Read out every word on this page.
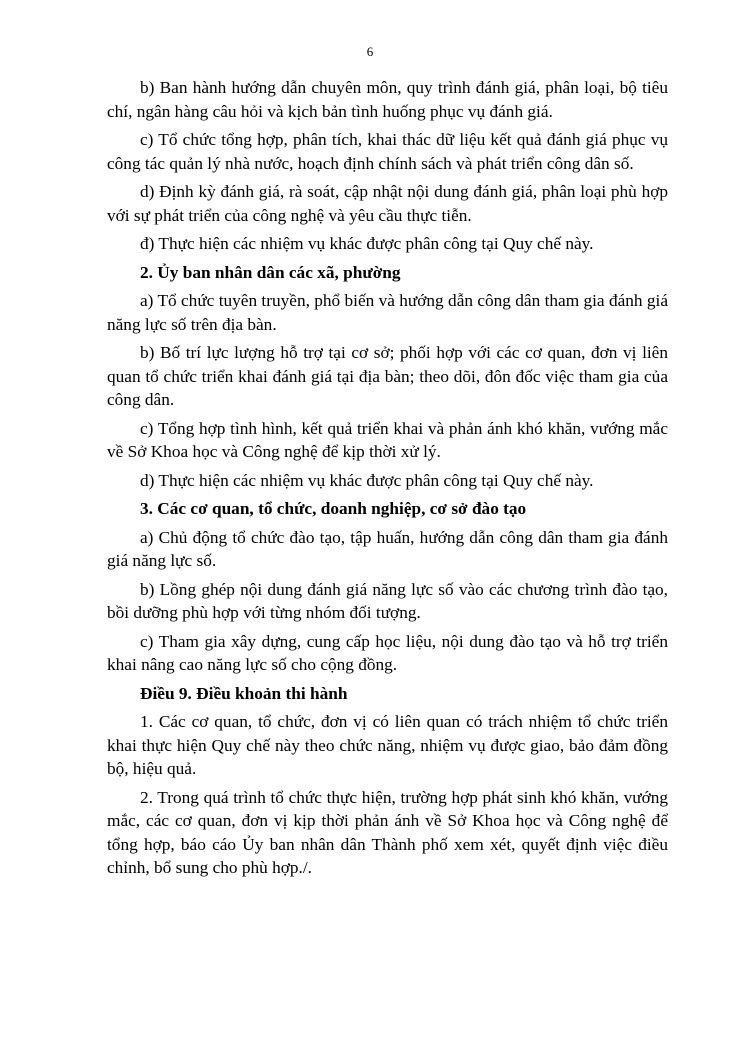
6

b) Ban hành hướng dẫn chuyên môn, quy trình đánh giá, phân loại, bộ tiêu chí, ngân hàng câu hỏi và kịch bản tình huống phục vụ đánh giá.

c) Tổ chức tổng hợp, phân tích, khai thác dữ liệu kết quả đánh giá phục vụ công tác quản lý nhà nước, hoạch định chính sách và phát triển công dân số.

d) Định kỳ đánh giá, rà soát, cập nhật nội dung đánh giá, phân loại phù hợp với sự phát triển của công nghệ và yêu cầu thực tiễn.

đ) Thực hiện các nhiệm vụ khác được phân công tại Quy chế này.

2. Ủy ban nhân dân các xã, phường

a) Tổ chức tuyên truyền, phổ biến và hướng dẫn công dân tham gia đánh giá năng lực số trên địa bàn.

b) Bố trí lực lượng hỗ trợ tại cơ sở; phối hợp với các cơ quan, đơn vị liên quan tổ chức triển khai đánh giá tại địa bàn; theo dõi, đôn đốc việc tham gia của công dân.

c) Tổng hợp tình hình, kết quả triển khai và phản ánh khó khăn, vướng mắc về Sở Khoa học và Công nghệ để kịp thời xử lý.

d) Thực hiện các nhiệm vụ khác được phân công tại Quy chế này.

3. Các cơ quan, tổ chức, doanh nghiệp, cơ sở đào tạo

a) Chủ động tổ chức đào tạo, tập huấn, hướng dẫn công dân tham gia đánh giá năng lực số.

b) Lồng ghép nội dung đánh giá năng lực số vào các chương trình đào tạo, bồi dưỡng phù hợp với từng nhóm đối tượng.

c) Tham gia xây dựng, cung cấp học liệu, nội dung đào tạo và hỗ trợ triển khai nâng cao năng lực số cho cộng đồng.

Điều 9. Điều khoản thi hành

1. Các cơ quan, tổ chức, đơn vị có liên quan có trách nhiệm tổ chức triển khai thực hiện Quy chế này theo chức năng, nhiệm vụ được giao, bảo đảm đồng bộ, hiệu quả.

2. Trong quá trình tổ chức thực hiện, trường hợp phát sinh khó khăn, vướng mắc, các cơ quan, đơn vị kịp thời phản ánh về Sở Khoa học và Công nghệ để tổng hợp, báo cáo Ủy ban nhân dân Thành phố xem xét, quyết định việc điều chỉnh, bổ sung cho phù hợp./.
